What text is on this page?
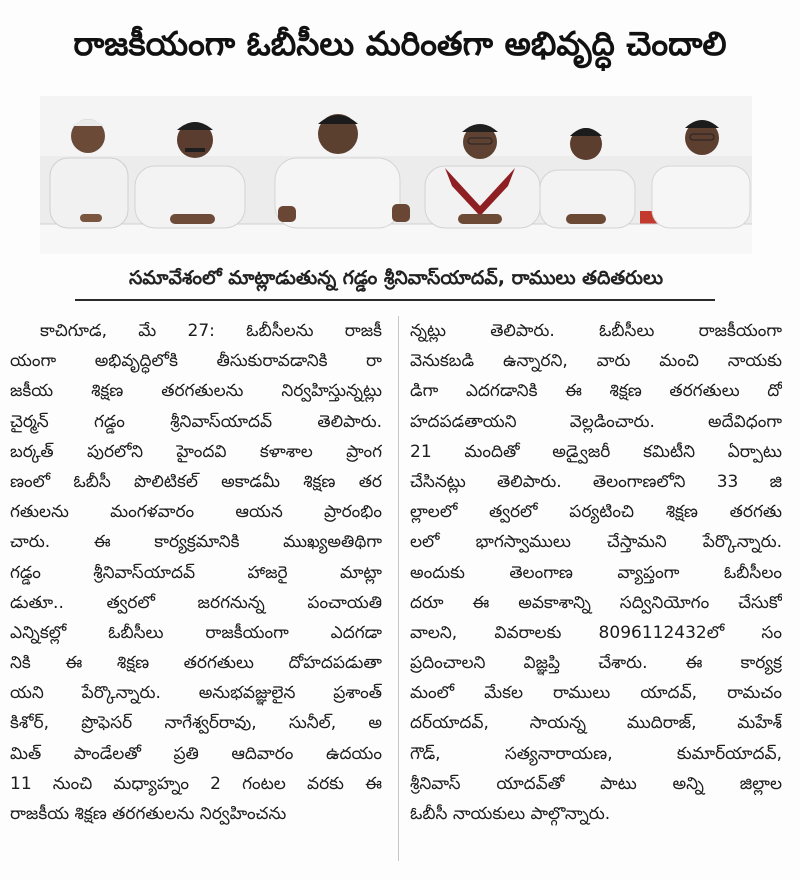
రాజకీయంగా ఓబీసీలు మరింతగా అభివృద్ధి చెందాలి
సమావేశంలో మాట్లాడుతున్న గడ్డం శ్రీనివాస్‌యాదవ్, రాములు తదితరులు
కాచిగూడ, మే 27: ఓబీసీలను రాజకీ
యంగా అభివృద్ధిలోకి తీసుకురావడానికి రా
జకీయ శిక్షణ తరగతులను నిర్వహిస్తున్నట్లు
చైర్మన్ గడ్డం శ్రీనివాస్‌యాదవ్ తెలిపారు.
బర్కత్ పురలోని హైందవి కళాశాల ప్రాంగ
ణంలో ఓబీసీ పొలిటికల్ అకాడమీ శిక్షణ తర
గతులను మంగళవారం ఆయన ప్రారంభిం
చారు. ఈ కార్యక్రమానికి ముఖ్యఅతిథిగా
గడ్డం శ్రీనివాస్‌యాదవ్ హాజరై మాట్లా
డుతూ.. త్వరలో జరగనున్న పంచాయతి
ఎన్నికల్లో ఓబీసీలు రాజకీయంగా ఎదగడా
నికి ఈ శిక్షణ తరగతులు దోహదపడుతా
యని పేర్కొన్నారు. అనుభవజ్ఞులైన ప్రశాంత్
కిశోర్, ప్రొఫెసర్ నాగేశ్వర్‌రావు, సునీల్, అ
మిత్ పాండేలతో ప్రతి ఆదివారం ఉదయం
11 నుంచి మధ్యాహ్నం 2 గంటల వరకు ఈ
రాజకీయ శిక్షణ తరగతులను నిర్వహించను
న్నట్లు తెలిపారు. ఓబీసీలు రాజకీయంగా
వెనుకబడి ఉన్నారని, వారు మంచి నాయకు
డిగా ఎదగడానికి ఈ శిక్షణ తరగతులు దో
హదపడతాయని వెల్లడించారు. అదేవిధంగా
21 మందితో అడ్వైజరీ కమిటీని ఏర్పాటు
చేసినట్లు తెలిపారు. తెలంగాణలోని 33 జి
ల్లాలలో త్వరలో పర్యటించి శిక్షణ తరగతు
లలో భాగస్వాములు చేస్తామని పేర్కొన్నారు.
అందుకు తెలంగాణ వ్యాప్తంగా ఓబీసీలం
దరూ ఈ అవకాశాన్ని సద్వినియోగం చేసుకో
వాలని, వివరాలకు 8096112432లో సం
ప్రదించాలని విజ్ఞప్తి చేశారు. ఈ కార్యక్ర
మంలో మేకల రాములు యాదవ్, రామచం
దర్‌యాదవ్, సాయన్న ముదిరాజ్, మహేశ్
గౌడ్, సత్యనారాయణ, కుమార్‌యాదవ్,
శ్రీనివాస్ యాదవ్‌తో పాటు అన్ని జిల్లాల
ఓబీసీ నాయకులు పాల్గొన్నారు.
